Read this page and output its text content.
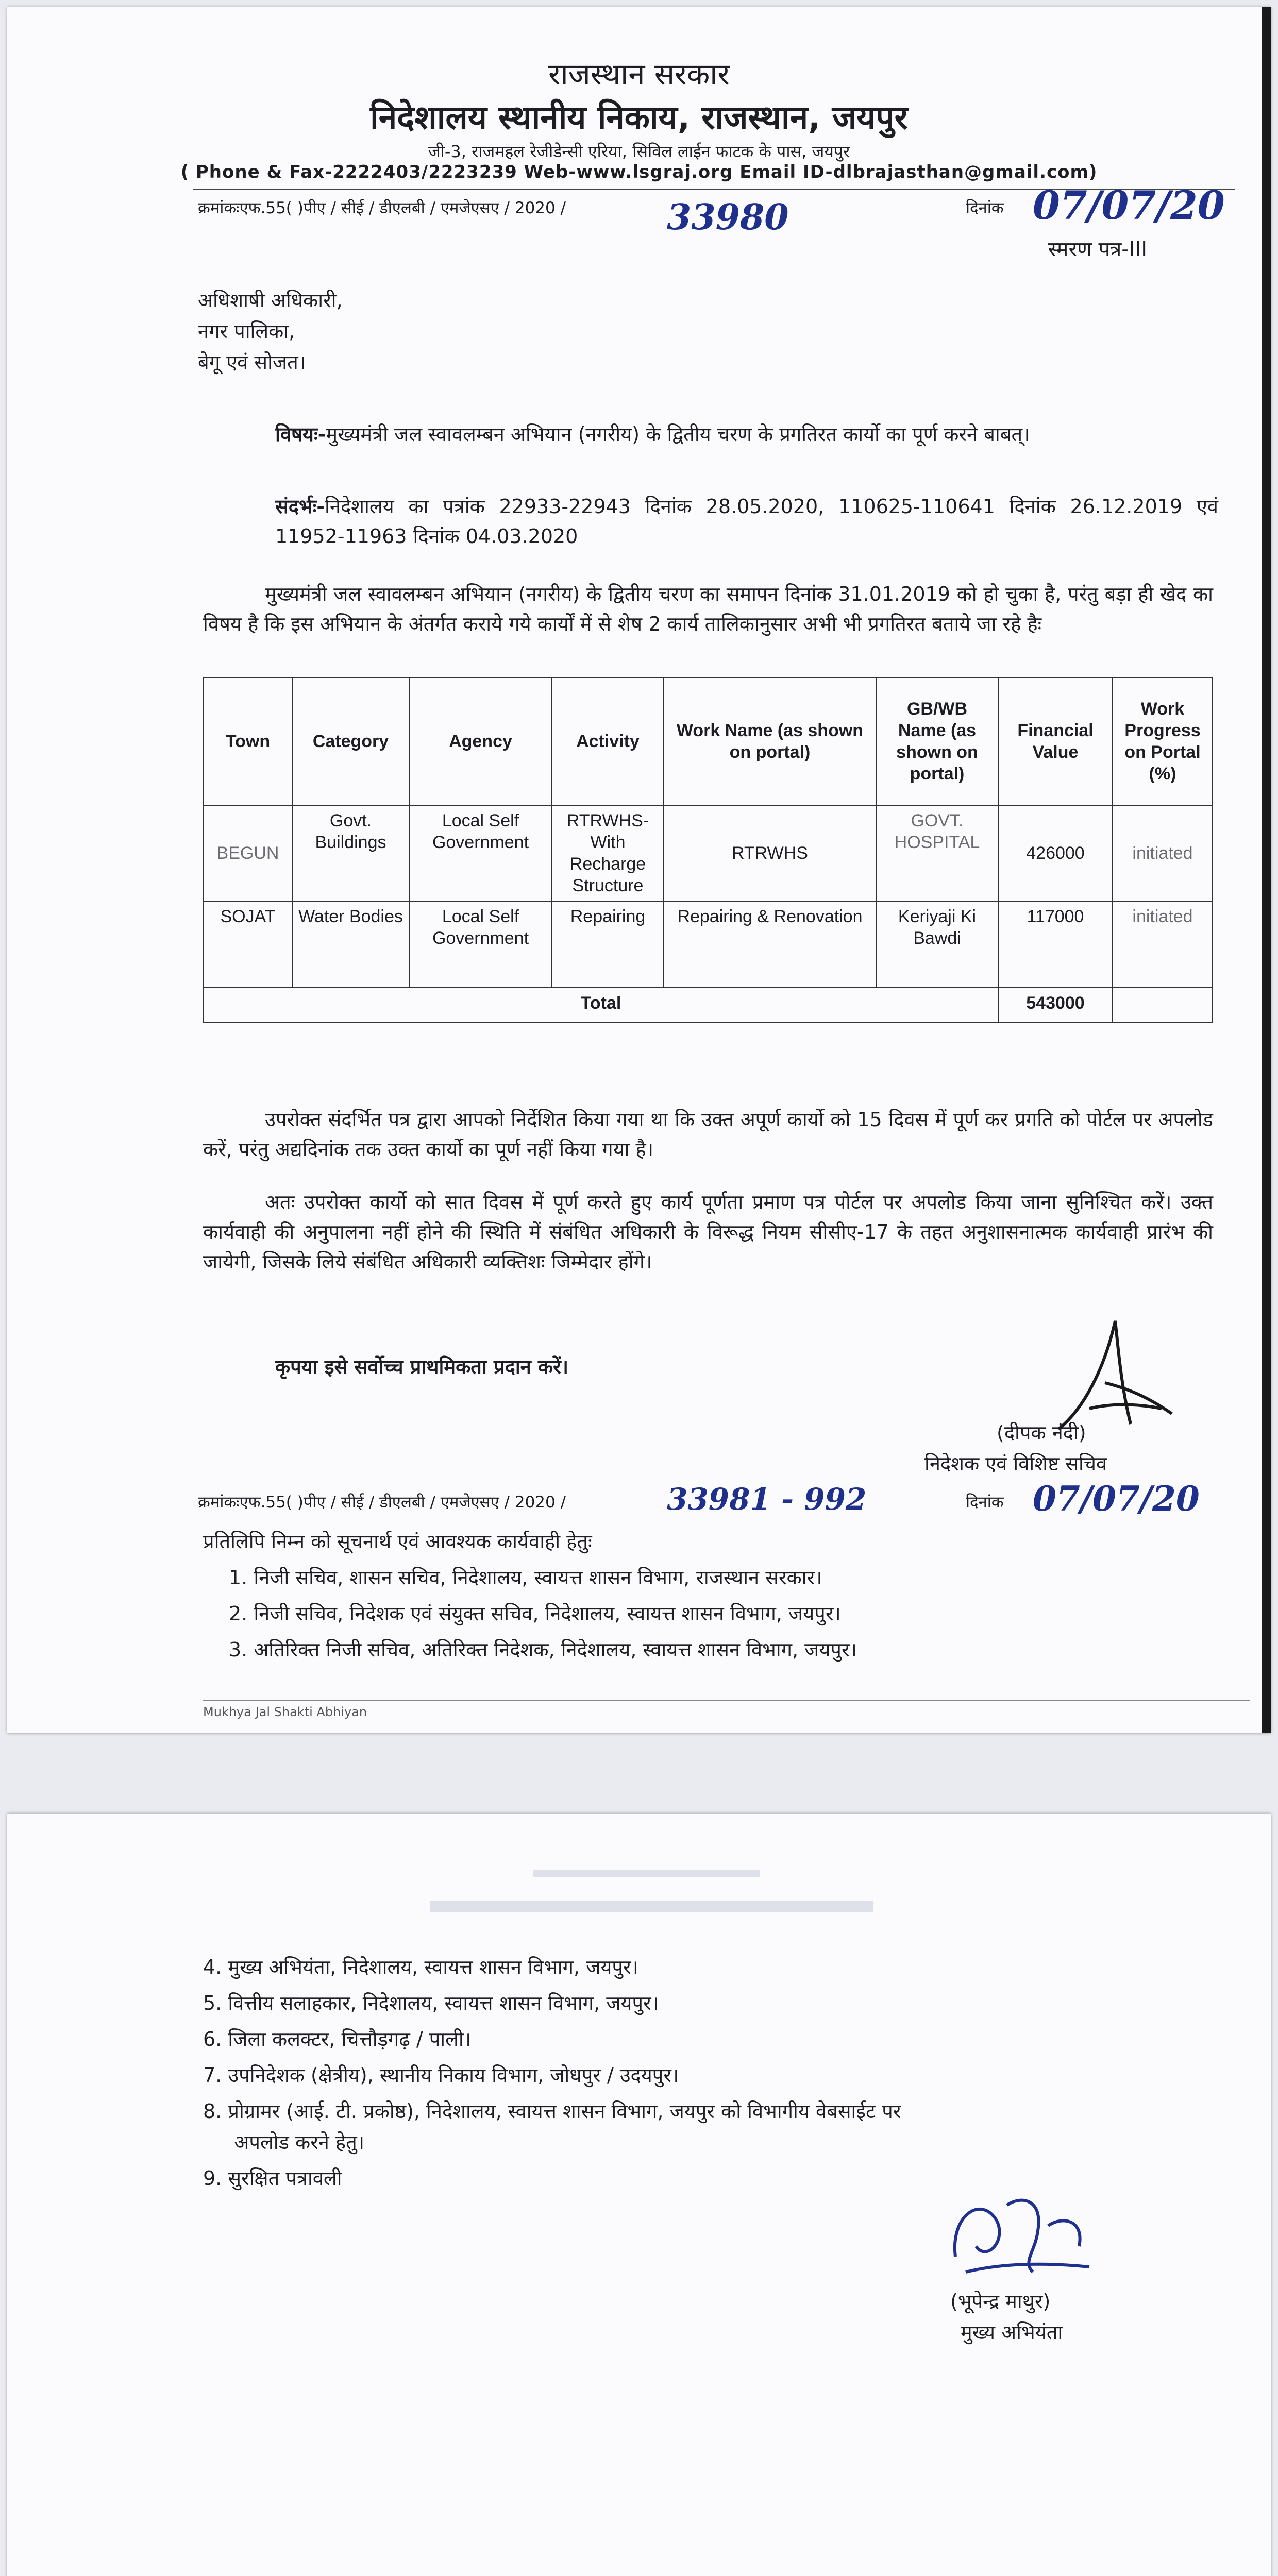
राजस्थान सरकार
निदेशालय स्थानीय निकाय, राजस्थान, जयपुर
जी-3, राजमहल रेजीडेन्सी एरिया, सिविल लाईन फाटक के पास, जयपुर
( Phone & Fax-2222403/2223239 Web-www.lsgraj.org Email ID-dlbrajasthan@gmail.com)
क्रमांकःएफ.55( )पीए / सीई / डीएलबी / एमजेएसए / 2020 /	33980	दिनांक 07/07/20
स्मरण पत्र-III
अधिशाषी अधिकारी,
नगर पालिका,
बेगू एवं सोजत।
विषयः-मुख्यमंत्री जल स्वावलम्बन अभियान (नगरीय) के द्वितीय चरण के प्रगतिरत कार्यो का पूर्ण करने बाबत्।
संदर्भः-निदेशालय का पत्रांक 22933-22943 दिनांक 28.05.2020, 110625-110641 दिनांक 26.12.2019 एवं 11952-11963 दिनांक 04.03.2020
मुख्यमंत्री जल स्वावलम्बन अभियान (नगरीय) के द्वितीय चरण का समापन दिनांक 31.01.2019 को हो चुका है, परंतु बड़ा ही खेद का विषय है कि इस अभियान के अंतर्गत कराये गये कार्यों में से शेष 2 कार्य तालिकानुसार अभी भी प्रगतिरत बताये जा रहे हैः
Town	Category	Agency	Activity	Work Name (as shown on portal)	GB/WB Name (as shown on portal)	Financial Value	Work Progress on Portal (%)
BEGUN	Govt. Buildings	Local Self Government	RTRWHS-With Recharge Structure	RTRWHS	GOVT. HOSPITAL	426000	initiated
SOJAT	Water Bodies	Local Self Government	Repairing	Repairing & Renovation	Keriyaji Ki Bawdi	117000	initiated
Total						543000	
उपरोक्त संदर्भित पत्र द्वारा आपको निर्देशित किया गया था कि उक्त अपूर्ण कार्यो को 15 दिवस में पूर्ण कर प्रगति को पोर्टल पर अपलोड करें, परंतु अद्यदिनांक तक उक्त कार्यो का पूर्ण नहीं किया गया है।
अतः उपरोक्त कार्यो को सात दिवस में पूर्ण करते हुए कार्य पूर्णता प्रमाण पत्र पोर्टल पर अपलोड किया जाना सुनिश्चित करें। उक्त कार्यवाही की अनुपालना नहीं होने की स्थिति में संबंधित अधिकारी के विरूद्ध नियम सीसीए-17 के तहत अनुशासनात्मक कार्यवाही प्रारंभ की जायेगी, जिसके लिये संबंधित अधिकारी व्यक्तिशः जिम्मेदार होंगे।
कृपया इसे सर्वोच्च प्राथमिकता प्रदान करें।
(दीपक नंदी)
निदेशक एवं विशिष्ट सचिव
क्रमांकःएफ.55( )पीए / सीई / डीएलबी / एमजेएसए / 2020 /	33981 - 992	दिनांक 07/07/20
प्रतिलिपि निम्न को सूचनार्थ एवं आवश्यक कार्यवाही हेतुः
1. निजी सचिव, शासन सचिव, निदेशालय, स्वायत्त शासन विभाग, राजस्थान सरकार।
2. निजी सचिव, निदेशक एवं संयुक्त सचिव, निदेशालय, स्वायत्त शासन विभाग, जयपुर।
3. अतिरिक्त निजी सचिव, अतिरिक्त निदेशक, निदेशालय, स्वायत्त शासन विभाग, जयपुर।
Mukhya Jal Shakti Abhiyan
4. मुख्य अभियंता, निदेशालय, स्वायत्त शासन विभाग, जयपुर।
5. वित्तीय सलाहकार, निदेशालय, स्वायत्त शासन विभाग, जयपुर।
6. जिला कलक्टर, चित्तौड़गढ़ / पाली।
7. उपनिदेशक (क्षेत्रीय), स्थानीय निकाय विभाग, जोधपुर / उदयपुर।
8. प्रोग्रामर (आई. टी. प्रकोष्ठ), निदेशालय, स्वायत्त शासन विभाग, जयपुर को विभागीय वेबसाईट पर
अपलोड करने हेतु।
9. सुरक्षित पत्रावली
(भूपेन्द्र माथुर)
मुख्य अभियंता
